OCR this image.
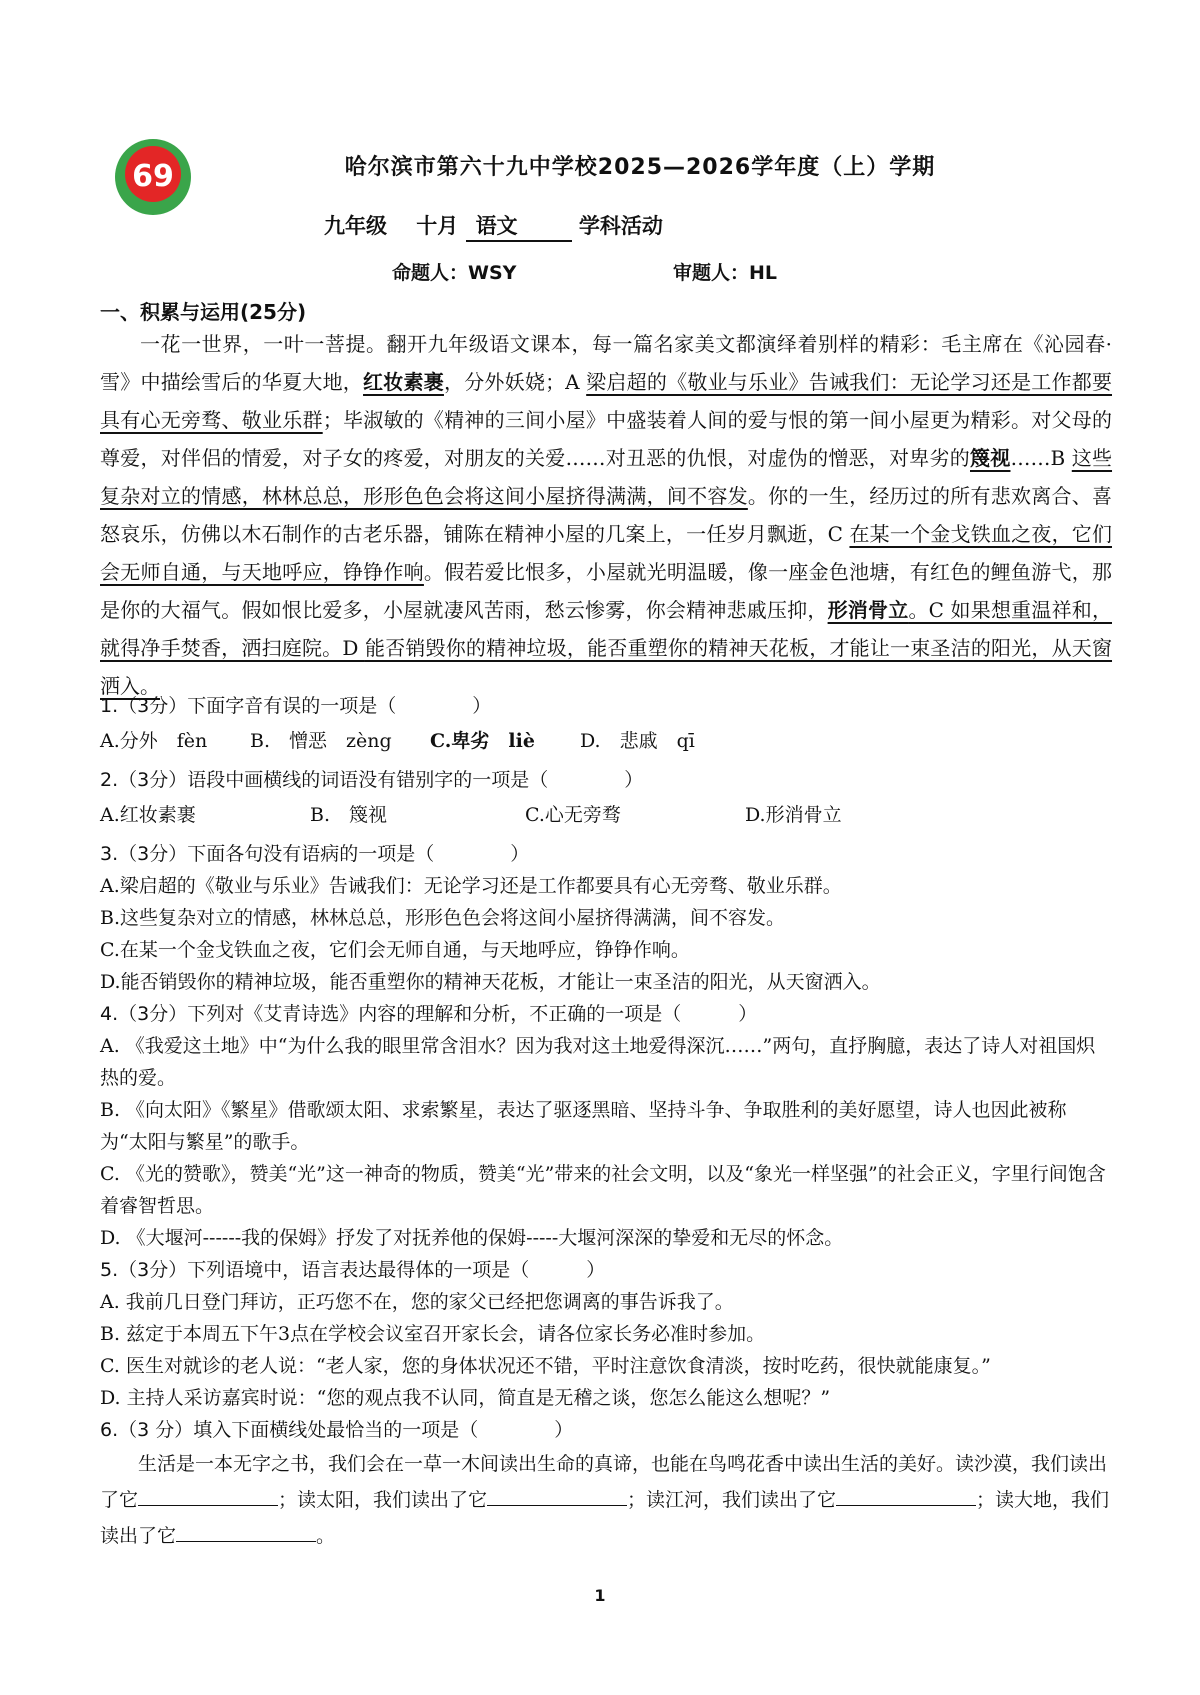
69	哈尔滨市第六十九中学校2025—2026学年度（上）学期
九年级 十月 语文	学科活动
命题人：WSY	审题人：HL
一、积累与运用(25分)

一花一世界，一叶一菩提。翻开九年级语文课本，每一篇名家美文都演绎着别样的精彩：毛主席在《沁园春·雪》中描绘雪后的华夏大地，红妆素裹，分外妖娆；A 梁启超的《敬业与乐业》告诫我们：无论学习还是工作都要具有心无旁骛、敬业乐群；毕淑敏的《精神的三间小屋》中盛装着人间的爱与恨的第一间小屋更为精彩。对父母的尊爱，对伴侣的情爱，对子女的疼爱，对朋友的关爱……对丑恶的仇恨，对虚伪的憎恶，对卑劣的篾视……B 这些复杂对立的情感，林林总总，形形色色会将这间小屋挤得满满，间不容发。你的一生，经历过的所有悲欢离合、喜怒哀乐，仿佛以木石制作的古老乐器，铺陈在精神小屋的几案上，一任岁月飘逝，C 在某一个金戈铁血之夜，它们会无师自通，与天地呼应，铮铮作响。假若爱比恨多，小屋就光明温暖，像一座金色池塘，有红色的鲤鱼游弋，那是你的大福气。假如恨比爱多，小屋就凄风苦雨，愁云惨雾，你会精神悲戚压抑，形消骨立。C 如果想重温祥和，就得净手焚香，洒扫庭院。D 能否销毁你的精神垃圾，能否重塑你的精神天花板，才能让一束圣洁的阳光，从天窗洒入。

1.（3分）下面字音有误的一项是（　　　　）

A.分外　fèn	B.　憎恶　zèng	C.卑劣　liè	D.　悲戚　qī

2.（3分）语段中画横线的词语没有错别字的一项是（　　　　）

A.红妆素裹	B.　篾视	C.心无旁骛	D.形消骨立

3.（3分）下面各句没有语病的一项是（　　　　）

A.梁启超的《敬业与乐业》告诫我们：无论学习还是工作都要具有心无旁骛、敬业乐群。

B.这些复杂对立的情感，林林总总，形形色色会将这间小屋挤得满满，间不容发。

C.在某一个金戈铁血之夜，它们会无师自通，与天地呼应，铮铮作响。

D.能否销毁你的精神垃圾，能否重塑你的精神天花板，才能让一束圣洁的阳光，从天窗洒入。

4.（3分）下列对《艾青诗选》内容的理解和分析，不正确的一项是（　　　）

A. 《我爱这土地》中“为什么我的眼里常含泪水？因为我对这土地爱得深沉……”两句，直抒胸臆，表达了诗人对祖国炽热的爱。

B. 《向太阳》《繁星》借歌颂太阳、求索繁星，表达了驱逐黑暗、坚持斗争、争取胜利的美好愿望，诗人也因此被称为“太阳与繁星”的歌手。

C. 《光的赞歌》，赞美“光”这一神奇的物质，赞美“光”带来的社会文明，以及“象光一样坚强”的社会正义，字里行间饱含着睿智哲思。

D. 《大堰河------我的保姆》抒发了对抚养他的保姆-----大堰河深深的挚爱和无尽的怀念。

5.（3分）下列语境中，语言表达最得体的一项是（　　　）

A. 我前几日登门拜访，正巧您不在，您的家父已经把您调离的事告诉我了。

B. 兹定于本周五下午3点在学校会议室召开家长会，请各位家长务必准时参加。

C. 医生对就诊的老人说：“老人家，您的身体状况还不错，平时注意饮食清淡，按时吃药，很快就能康复。”

D. 主持人采访嘉宾时说：“您的观点我不认同，简直是无稽之谈，您怎么能这么想呢？”

6.（3 分）填入下面横线处最恰当的一项是（　　　　）

生活是一本无字之书，我们会在一草一木间读出生命的真谛，也能在鸟鸣花香中读出生活的美好。读沙漠，我们读出了它	；读太阳，我们读出了它	；读江河，我们读出了它	；读大地，我们读出了它	。

1
